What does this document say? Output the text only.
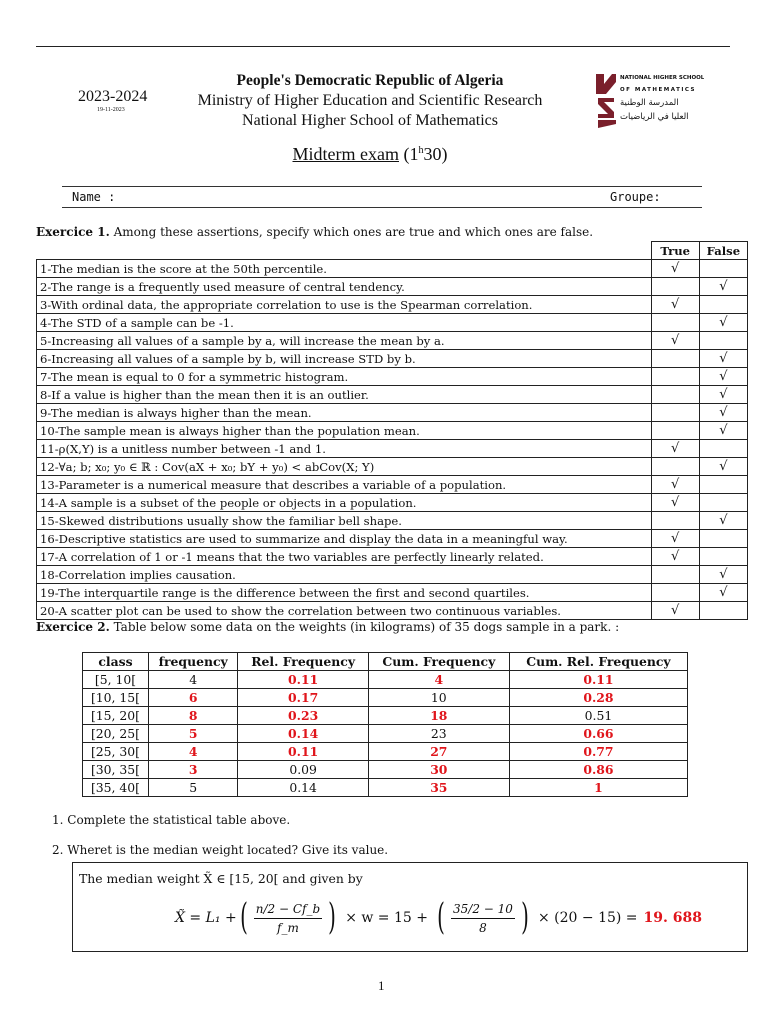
2023-2024
19-11-2023
People's Democratic Republic of Algeria
Ministry of Higher Education and Scientific Research
National Higher School of Mathematics
Midterm exam (1$^h$30)
NATIONAL HIGHER SCHOOL
OF MATHEMATICS
المدرسة الوطنية
العليا في الرياضيات
Name :	Groupe:
Exercice 1. Among these assertions, specify which ones are true and which ones are false.
	True	False
1-The median is the score at the 50th percentile.	√	
2-The range is a frequently used measure of central tendency.		√
3-With ordinal data, the appropriate correlation to use is the Spearman correlation.	√	
4-The STD of a sample can be -1.		√
5-Increasing all values of a sample by a, will increase the mean by a.	√	
6-Increasing all values of a sample by b, will increase STD by b.		√
7-The mean is equal to 0 for a symmetric histogram.		√
8-If a value is higher than the mean then it is an outlier.		√
9-The median is always higher than the mean.		√
10-The sample mean is always higher than the population mean.		√
11-ρ(X,Y) is a unitless number between -1 and 1.	√	
12-∀a; b; x₀; y₀ ∈ ℝ : Cov(aX + x₀; bY + y₀) < abCov(X; Y)		√
13-Parameter is a numerical measure that describes a variable of a population.	√	
14-A sample is a subset of the people or objects in a population.	√	
15-Skewed distributions usually show the familiar bell shape.		√
16-Descriptive statistics are used to summarize and display the data in a meaningful way.	√	
17-A correlation of 1 or -1 means that the two variables are perfectly linearly related.	√	
18-Correlation implies causation.		√
19-The interquartile range is the difference between the first and second quartiles.		√
20-A scatter plot can be used to show the correlation between two continuous variables.	√	
Exercice 2. Table below some data on the weights (in kilograms) of 35 dogs sample in a park. :
class	frequency	Rel. Frequency	Cum. Frequency	Cum. Rel. Frequency
[5, 10[	4	0.11	4	0.11
[10, 15[	6	0.17	10	0.28
[15, 20[	8	0.23	18	0.51
[20, 25[	5	0.14	23	0.66
[25, 30[	4	0.11	27	0.77
[30, 35[	3	0.09	30	0.86
[35, 40[	5	0.14	35	1
1. Complete the statistical table above.
2. Wheret is the median weight located? Give its value.
The median weight X̃ ∈ [15, 20[ and given by
X̃ = L₁ + ( $\frac{n/2 - Cf\_b}{f\_m}$ ) × w = 15 + ( $\frac{35/2 - 10}{8}$ ) × (20 − 15) = 19. 688
1
